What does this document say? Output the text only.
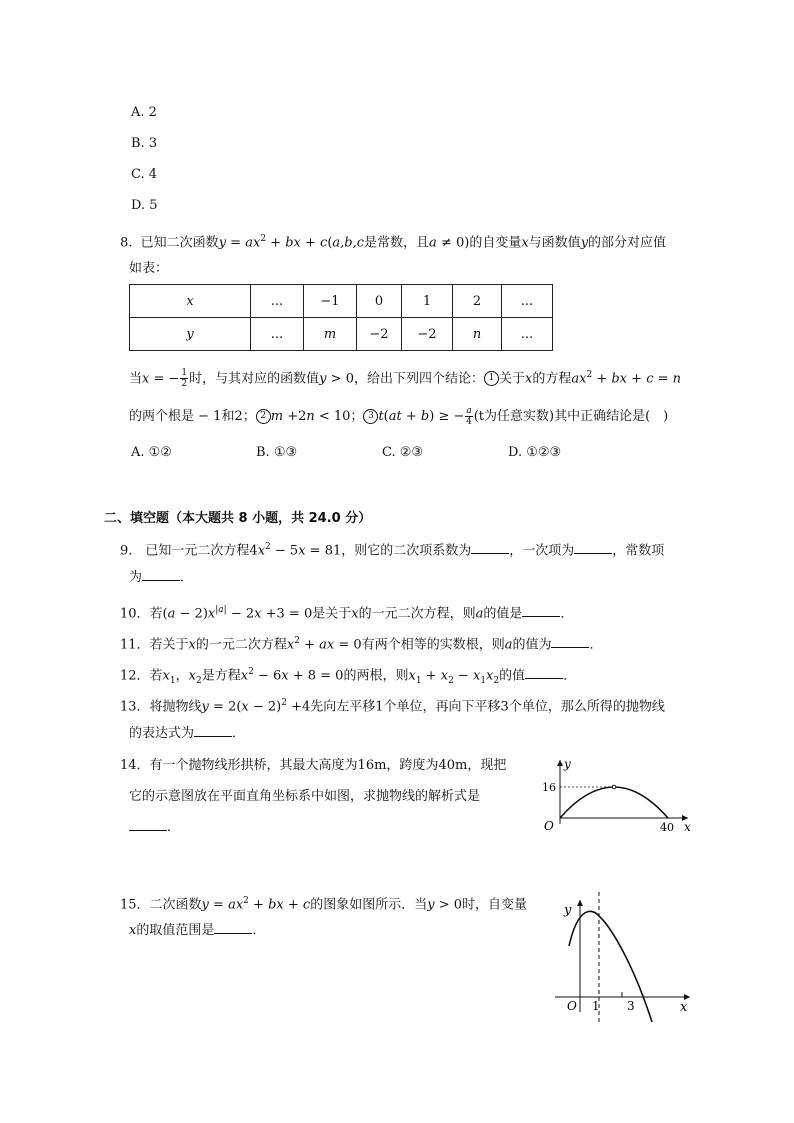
A. 2
B. 3
C. 4
D. 5
8. 已知二次函数$y = ax^2$ + bx + c(a,b,c是常数，且a ≠ 0)的自变量x与函数值y的部分对应值
如表：
x	...	−1	0	1	2	...
y	...	m	−2	−2	n	...
当x = − $\frac{1}{2}$ 时，与其对应的函数值y > 0，给出下列四个结论： 1 关于x的方程$ax^2$ + bx + c = n
的两个根是 − 1和2； 2 m +2n < 10； 3 t(at + b) ≥ − $\frac{a}{4} (t$为任意实数)其中正确结论是(　)
A. ①②	B. ①③	C. ②③	D. ①②③
二、填空题（本大题共 8 小题，共 24.0 分）
9.　已知一元二次方程$4x^2 - 5x = 81$，则它的二次项系数为	，一次项为	，常数项
为	．
10．若$(a - 2)x^{|a|} - 2x +3 = 0$是关于x的一元二次方程，则a的值是	．
11．若关于x的一元二次方程$x^2$ + ax = 0有两个相等的实数根，则a的值为	．
12．若$x_1$，$x_2$是方程$x^2 - 6x + 8 = 0$的两根，则$x_1 + x_2 - x_1x_2$的值	．
13．将抛物线$y = 2(x - 2)^2 +4$先向左平移1个单位，再向下平移3个单位，那么所得的抛物线
的表达式为	．
14．有一个抛物线形拱桥，其最大高度为16m，跨度为40m，现把
它的示意图放在平面直角坐标系中如图，求抛物线的解析式是
．
y
x
O
16
40
15．二次函数$y = ax^2$ + bx + c的图象如图所示．当y > 0时，自变量
x的取值范围是	．
y
x
O 1 3
